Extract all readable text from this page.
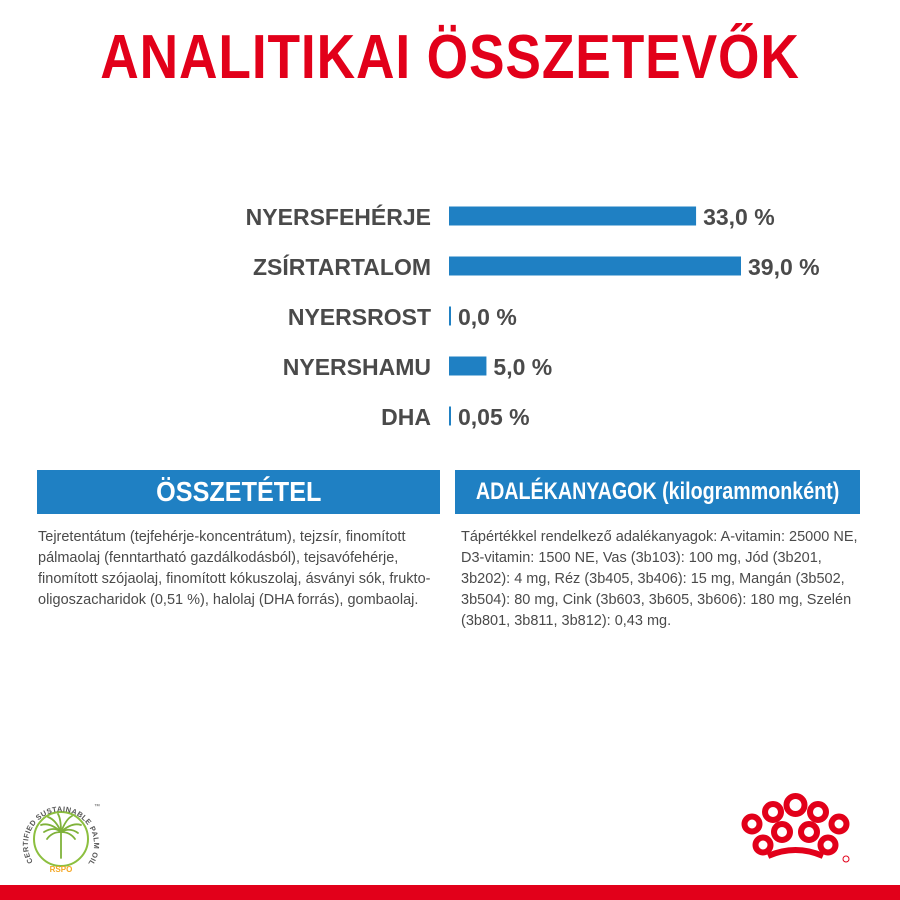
ANALITIKAI ÖSSZETEVŐK
NYERSFEHÉRJE	33,0 %
ZSÍRTARTALOM	39,0 %
NYERSROST 0,0 %
NYERSHAMU	5,0 %
DHA 0,05 %
ÖSSZETÉTEL
Tejretentátum (tejfehérje-koncentrátum), tejzsír, finomított pálmaolaj (fenntartható gazdálkodásból), tejsavófehérje, finomított szójaolaj, finomított kókuszolaj, ásványi sók, frukto-oligoszacharidok (0,51 %), halolaj (DHA forrás), gombaolaj.
ADALÉKANYAGOK (kilogrammonként)
Tápértékkel rendelkező adalékanyagok: A-vitamin: 25000 NE, D3-vitamin: 1500 NE, Vas (3b103): 100 mg, Jód (3b201, 3b202): 4 mg, Réz (3b405, 3b406): 15 mg, Mangán (3b502, 3b504): 80 mg, Cink (3b603, 3b605, 3b606): 180 mg, Szelén (3b801, 3b811, 3b812): 0,43 mg.
CERTIFIED SUSTAINABLE PALM OIL
™
RSPO
